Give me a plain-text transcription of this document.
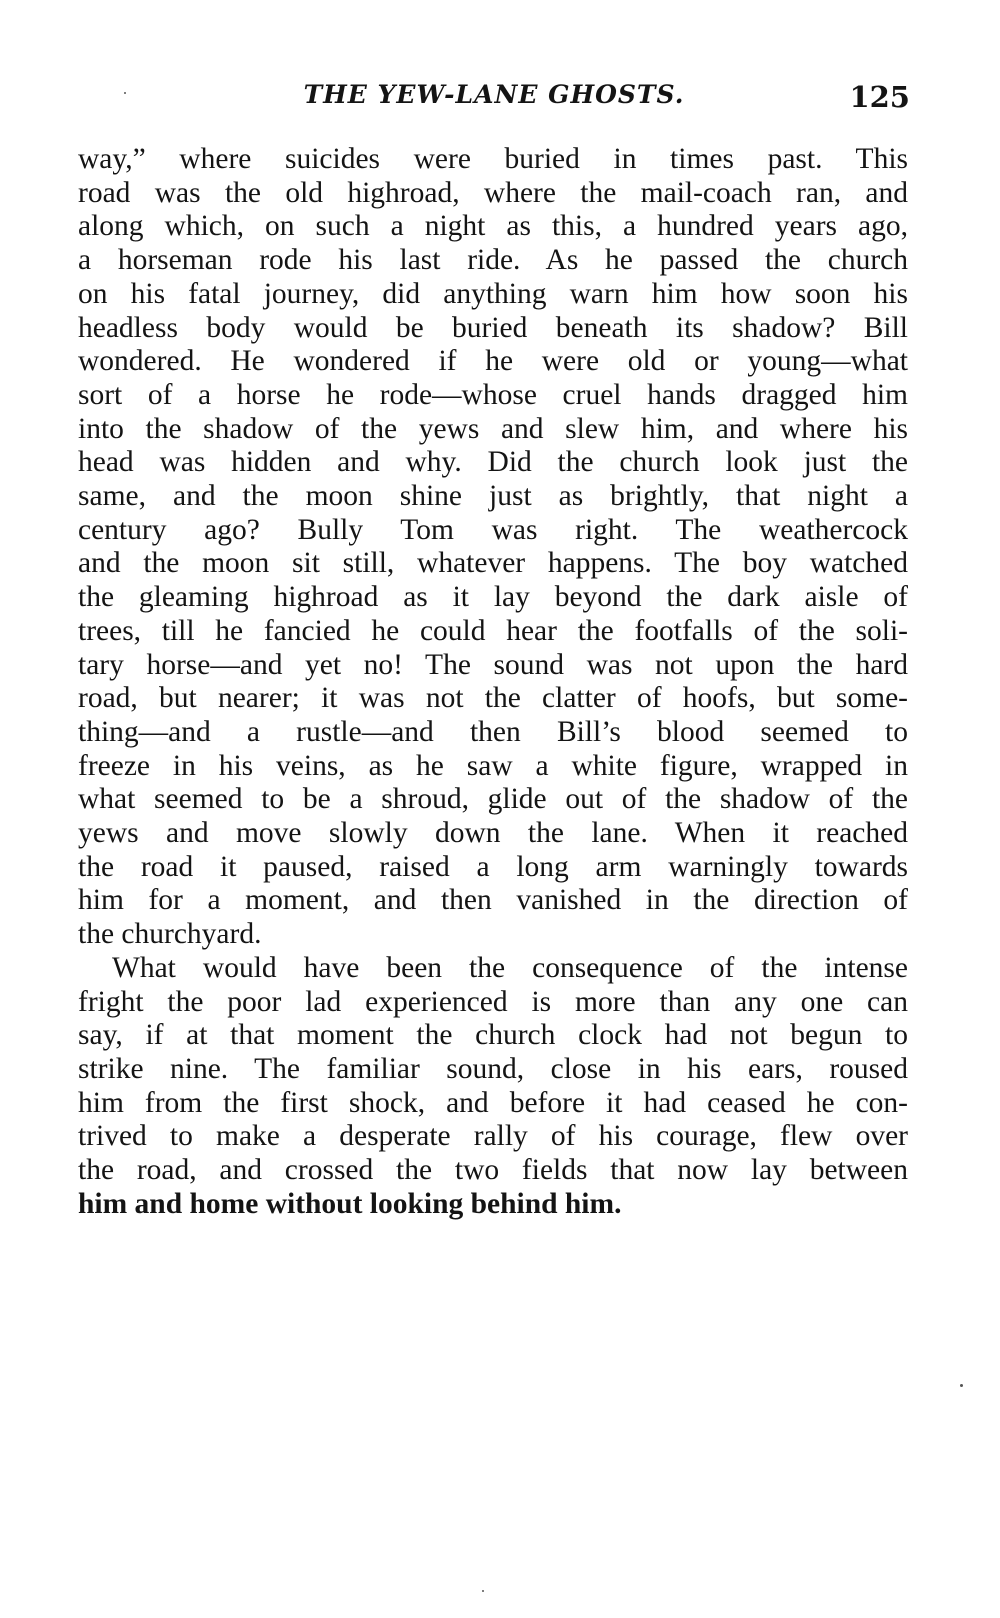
THE YEW-LANE GHOSTS.	125
way,” where suicides were buried in times past. This
road was the old highroad, where the mail-coach ran, and
along which, on such a night as this, a hundred years ago,
a horseman rode his last ride. As he passed the church
on his fatal journey, did anything warn him how soon his
headless body would be buried beneath its shadow? Bill
wondered. He wondered if he were old or young—what
sort of a horse he rode—whose cruel hands dragged him
into the shadow of the yews and slew him, and where his
head was hidden and why. Did the church look just the
same, and the moon shine just as brightly, that night a
century ago? Bully Tom was right. The weathercock
and the moon sit still, whatever happens. The boy watched
the gleaming highroad as it lay beyond the dark aisle of
trees, till he fancied he could hear the footfalls of the soli-
tary horse—and yet no! The sound was not upon the hard
road, but nearer; it was not the clatter of hoofs, but some-
thing—and a rustle—and then Bill’s blood seemed to
freeze in his veins, as he saw a white figure, wrapped in
what seemed to be a shroud, glide out of the shadow of the
yews and move slowly down the lane. When it reached
the road it paused, raised a long arm warningly towards
him for a moment, and then vanished in the direction of
the churchyard.
What would have been the consequence of the intense
fright the poor lad experienced is more than any one can
say, if at that moment the church clock had not begun to
strike nine. The familiar sound, close in his ears, roused
him from the first shock, and before it had ceased he con-
trived to make a desperate rally of his courage, flew over
the road, and crossed the two fields that now lay between
him and home without looking behind him.
